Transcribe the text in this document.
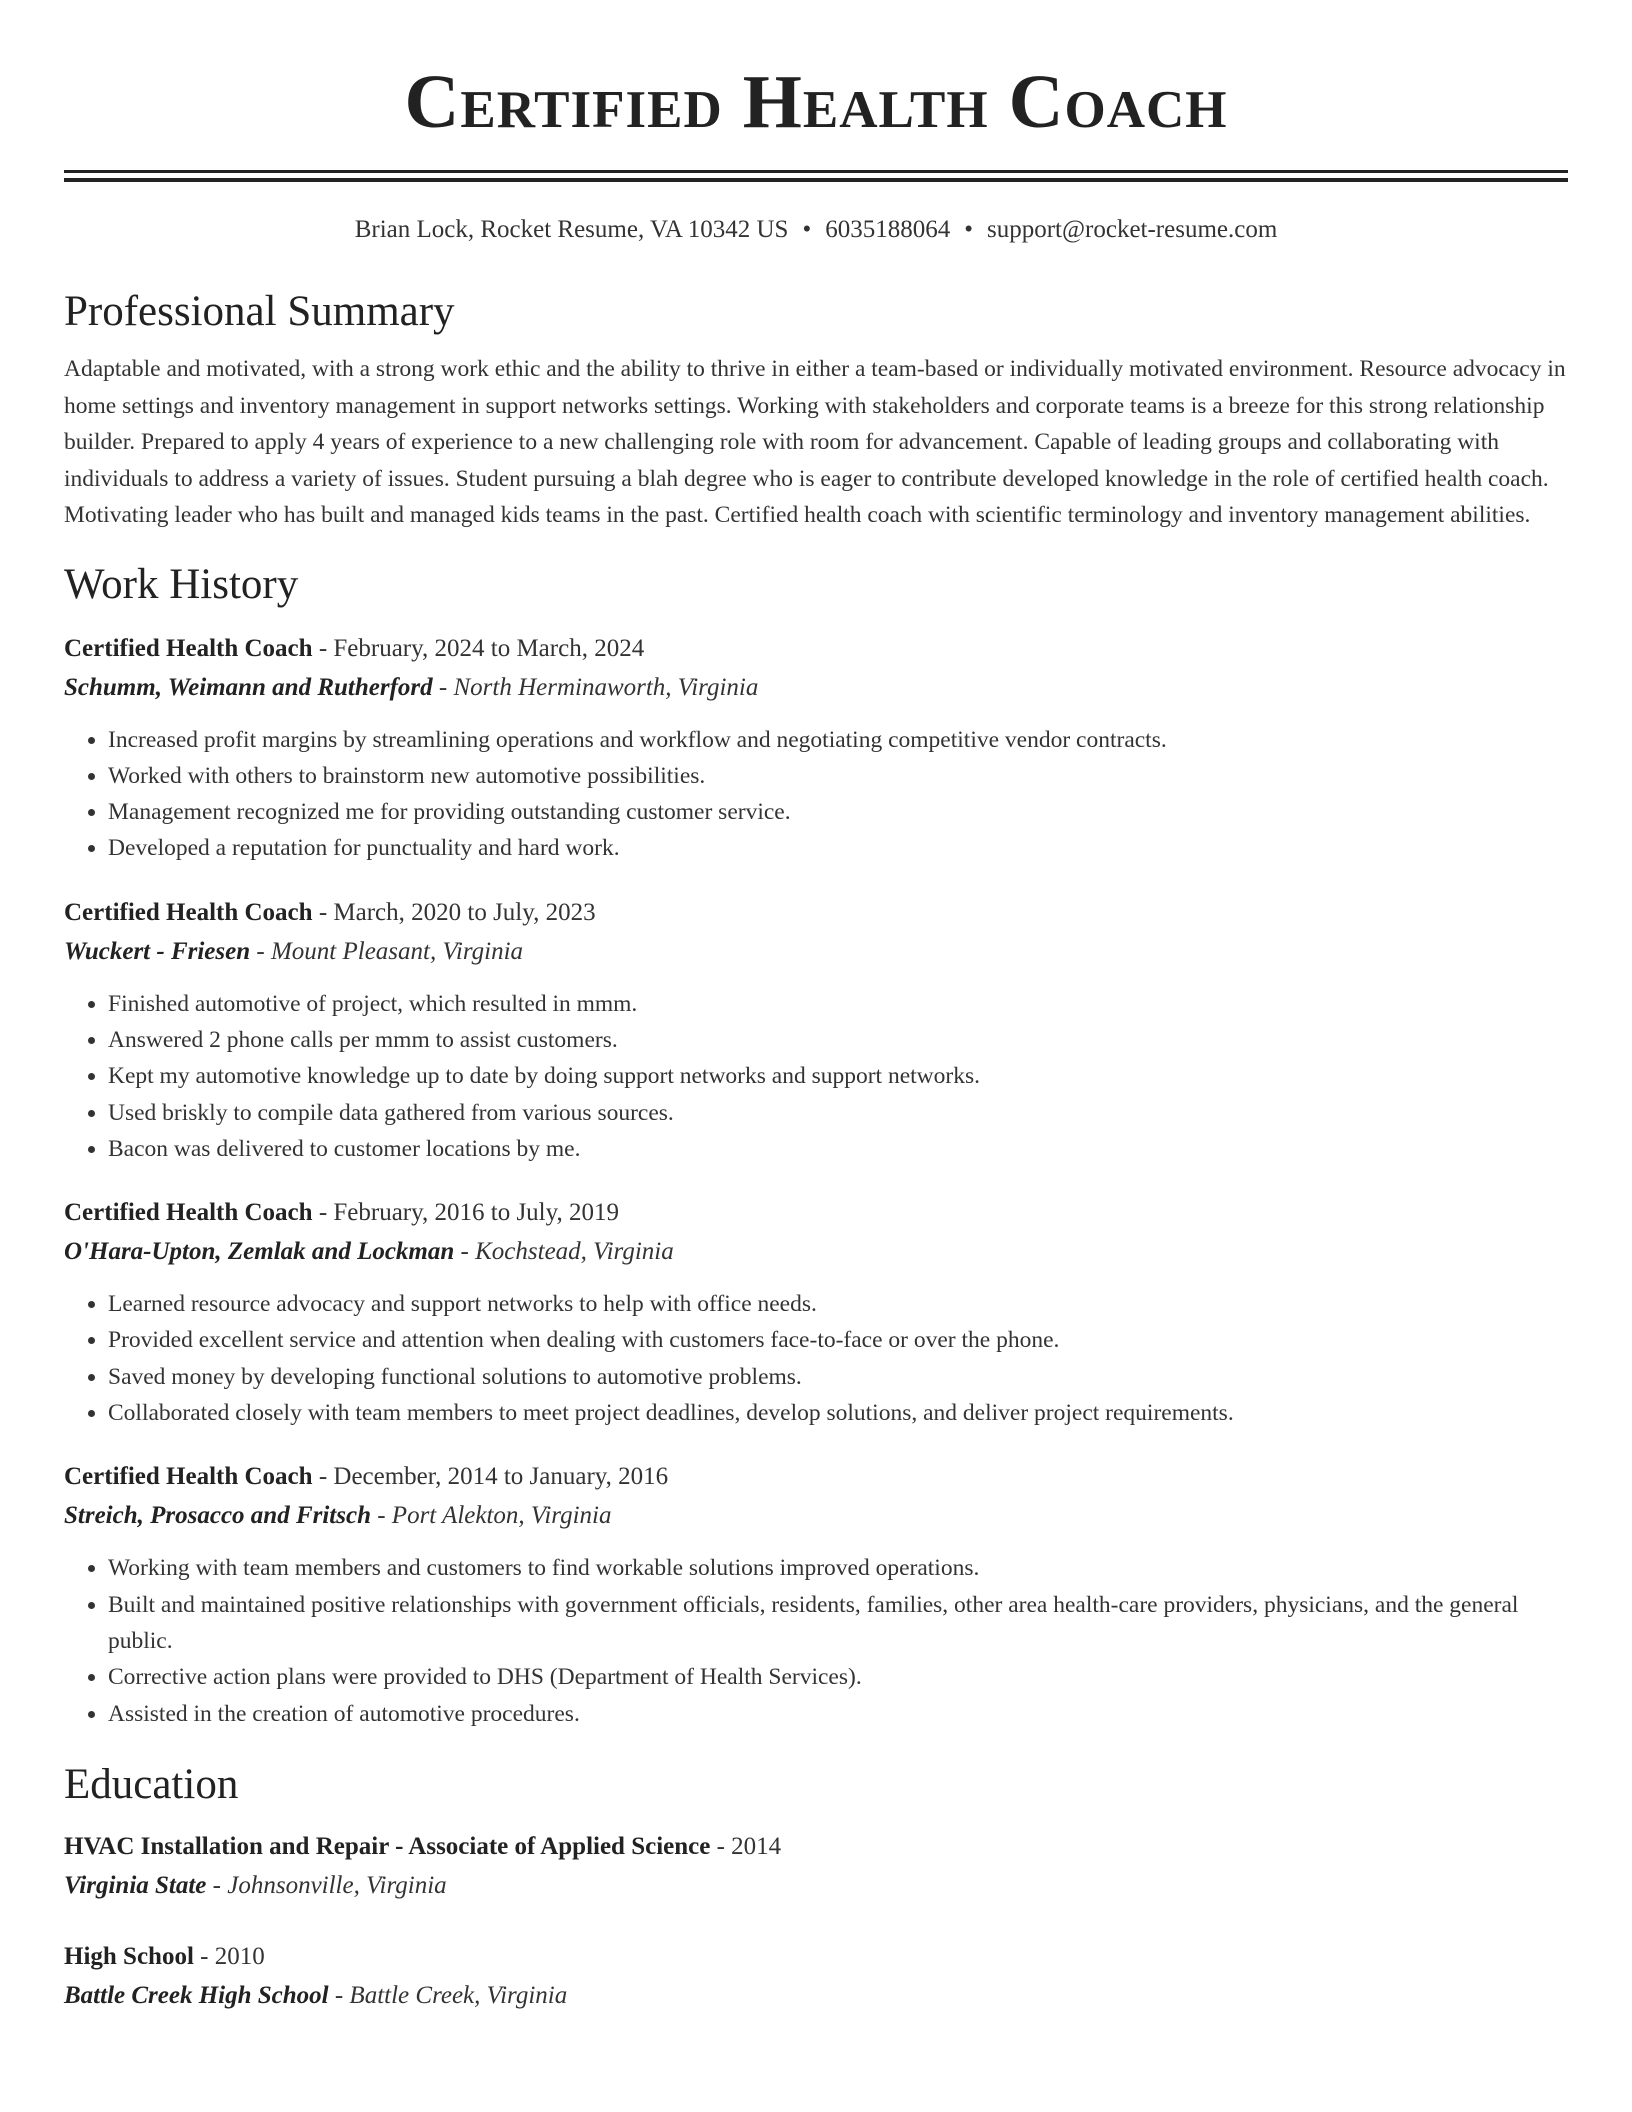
Certified Health Coach
Brian Lock, Rocket Resume, VA 10342 US • 6035188064 • support@rocket-resume.com
Professional Summary

Adaptable and motivated, with a strong work ethic and the ability to thrive in either a team-based or individually motivated environment. Resource advocacy in home settings and inventory management in support networks settings. Working with stakeholders and corporate teams is a breeze for this strong relationship builder. Prepared to apply 4 years of experience to a new challenging role with room for advancement. Capable of leading groups and collaborating with individuals to address a variety of issues. Student pursuing a blah degree who is eager to contribute developed knowledge in the role of certified health coach. Motivating leader who has built and managed kids teams in the past. Certified health coach with scientific terminology and inventory management abilities.

Work History
Certified Health Coach - February, 2024 to March, 2024
Schumm, Weimann and Rutherford - North Herminaworth, Virginia
• Increased profit margins by streamlining operations and workflow and negotiating competitive vendor contracts.
• Worked with others to brainstorm new automotive possibilities.
• Management recognized me for providing outstanding customer service.
• Developed a reputation for punctuality and hard work.
Certified Health Coach - March, 2020 to July, 2023
Wuckert - Friesen - Mount Pleasant, Virginia
• Finished automotive of project, which resulted in mmm.
• Answered 2 phone calls per mmm to assist customers.
• Kept my automotive knowledge up to date by doing support networks and support networks.
• Used briskly to compile data gathered from various sources.
• Bacon was delivered to customer locations by me.
Certified Health Coach - February, 2016 to July, 2019
O'Hara-Upton, Zemlak and Lockman - Kochstead, Virginia
• Learned resource advocacy and support networks to help with office needs.
• Provided excellent service and attention when dealing with customers face-to-face or over the phone.
• Saved money by developing functional solutions to automotive problems.
• Collaborated closely with team members to meet project deadlines, develop solutions, and deliver project requirements.
Certified Health Coach - December, 2014 to January, 2016
Streich, Prosacco and Fritsch - Port Alekton, Virginia
• Working with team members and customers to find workable solutions improved operations.
• Built and maintained positive relationships with government officials, residents, families, other area health-care providers, physicians, and the general public.
• Corrective action plans were provided to DHS (Department of Health Services).
• Assisted in the creation of automotive procedures.
Education
HVAC Installation and Repair - Associate of Applied Science - 2014
Virginia State - Johnsonville, Virginia
High School - 2010
Battle Creek High School - Battle Creek, Virginia
